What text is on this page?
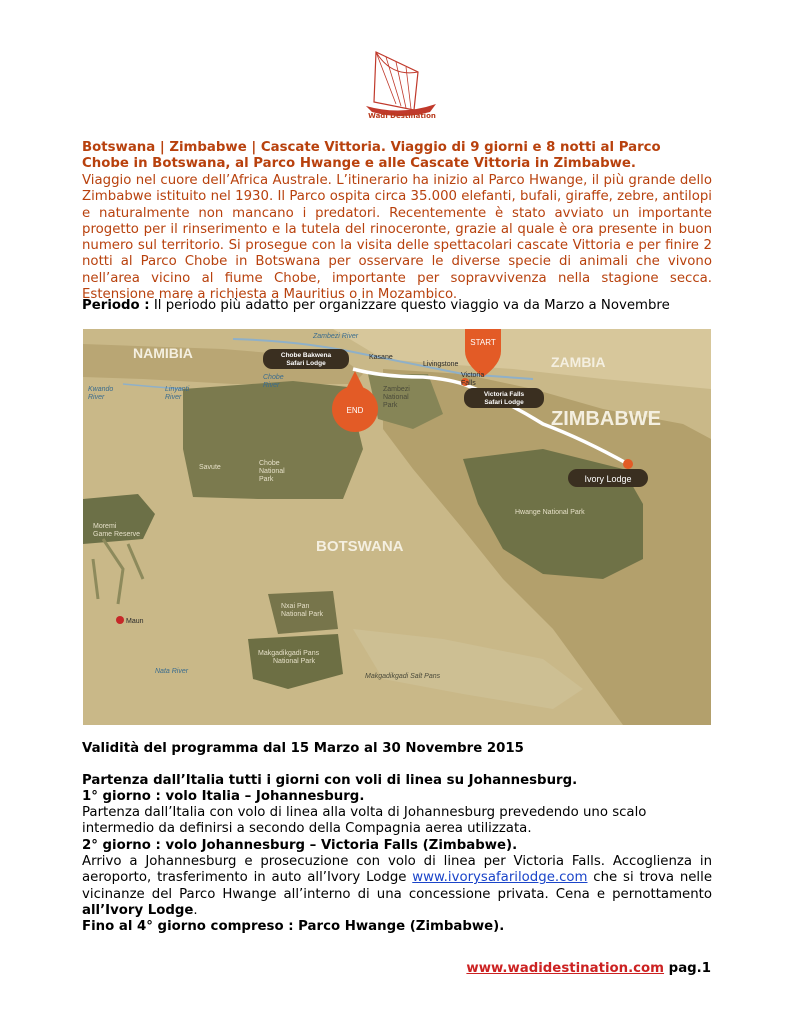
Wadi Destination
Botswana | Zimbabwe | Cascate Vittoria. Viaggio di 9 giorni e 8 notti al Parco Chobe in Botswana, al Parco Hwange e alle Cascate Vittoria in Zimbabwe.
Viaggio nel cuore dell’Africa Australe. L’itinerario ha inizio al Parco Hwange, il più grande dello Zimbabwe istituito nel 1930. Il Parco ospita circa 35.000 elefanti, bufali, giraffe, zebre, antilopi e naturalmente non mancano i predatori. Recentemente è stato avviato un importante progetto per il rinserimento e la tutela del rinoceronte, grazie al quale è ora presente in buon numero sul territorio. Si prosegue con la visita delle spettacolari cascate Vittoria e per finire 2 notti al Parco Chobe in Botswana per osservare le diverse specie di animali che vivono nell’area vicino al fiume Chobe, importante per sopravvivenza nella stagione secca. Estensione mare a richiesta a Mauritius o in Mozambico.
Periodo : Il periodo più adatto per organizzare questo viaggio va da Marzo a Novembre
START
END
Chobe Bakwena
Safari Lodge
Victoria Falls
Safari Lodge
Ivory Lodge
NAMIBIA
ZAMBIA
ZIMBABWE
BOTSWANA
Zambezi River
Chobe
River
Kwando
River
Linyanti
River
Kasane
Livingstone
Victoria
Falls
Zambezi
National
Park
Savute
Chobe
National
Park
Hwange National Park
Moremi
Game Reserve
Maun
Nxai Pan
National Park
Makgadikgadi Pans
National Park
Makgadikgadi Salt Pans
Nata River
Validità del programma dal 15 Marzo al 30 Novembre 2015
Partenza dall’Italia tutti i giorni con voli di linea su Johannesburg.
1° giorno : volo Italia – Johannesburg.
Partenza dall’Italia con volo di linea alla volta di Johannesburg prevedendo uno scalo intermedio da definirsi a secondo della Compagnia aerea utilizzata.
2° giorno : volo Johannesburg – Victoria Falls (Zimbabwe).
Arrivo a Johannesburg e prosecuzione con volo di linea per Victoria Falls. Accoglienza in aeroporto, trasferimento in auto all’Ivory Lodge www.ivorysafarilodge.com che si trova nelle vicinanze del Parco Hwange all’interno di una concessione privata. Cena e pernottamento all’Ivory Lodge.
Fino al 4° giorno compreso : Parco Hwange (Zimbabwe).
www.wadidestination.com pag.1
